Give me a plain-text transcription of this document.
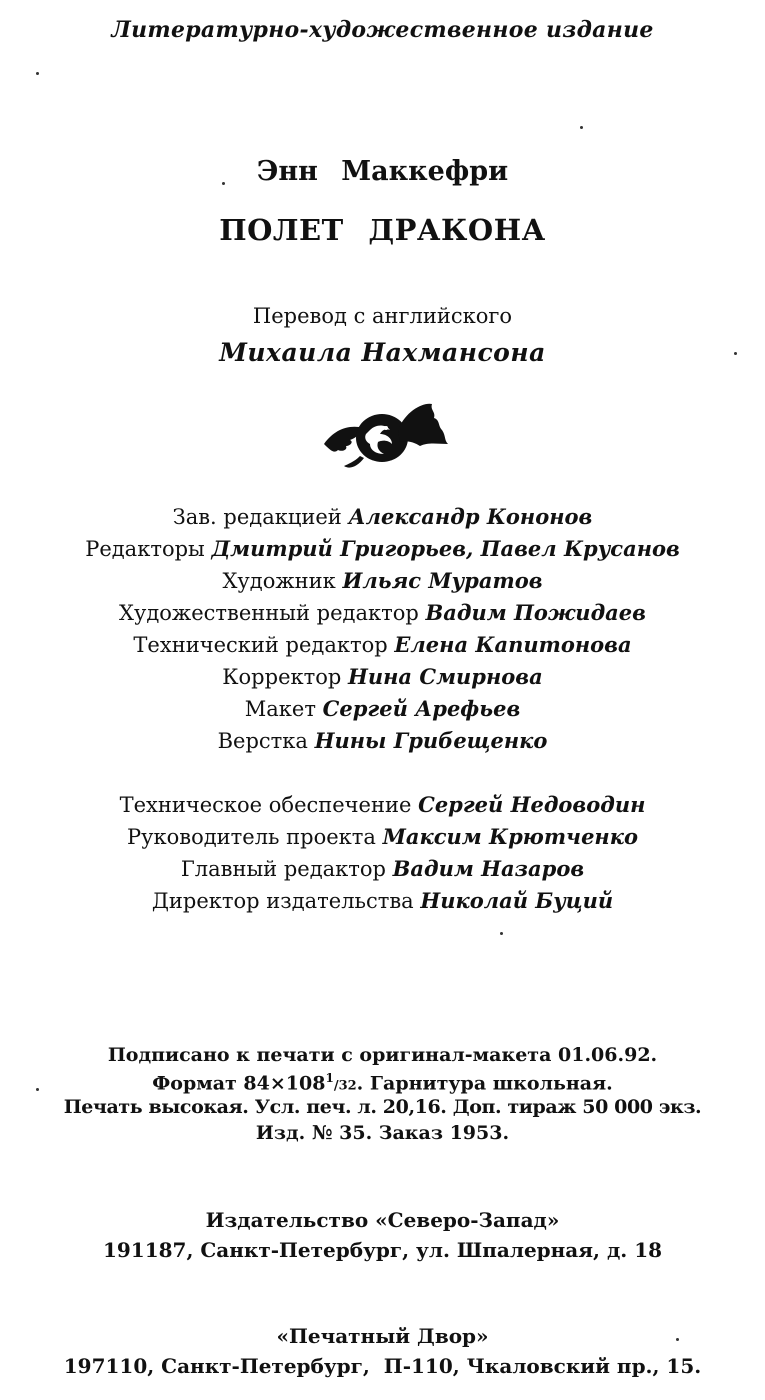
Литературно-художественное издание
Энн Маккефри
ПОЛЕТ ДРАКОНА
Перевод с английского
Михаила Нахмансона
Зав. редакцией Александр Кононов
Редакторы Дмитрий Григорьев, Павел Крусанов
Художник Ильяс Муратов
Художественный редактор Вадим Пожидаев
Технический редактор Елена Капитонова
Корректор Нина Смирнова
Макет Сергей Арефьев
Верстка Нины Грибещенко
Техническое обеспечение Сергей Недоводин
Руководитель проекта Максим Крютченко
Главный редактор Вадим Назаров
Директор издательства Николай Буций
Подписано к печати с оригинал-макета 01.06.92.
Формат $84\times 108^1/32$. Гарнитура школьная.
Печать высокая. Усл. печ. л. 20,16. Доп. тираж 50 000 экз.
Изд. № 35. Заказ 1953.
Издательство «Северо-Запад»
191187, Санкт-Петербург, ул. Шпалерная, д. 18
«Печатный Двор»
197110, Санкт-Петербург,  П-110, Чкаловский пр., 15.
